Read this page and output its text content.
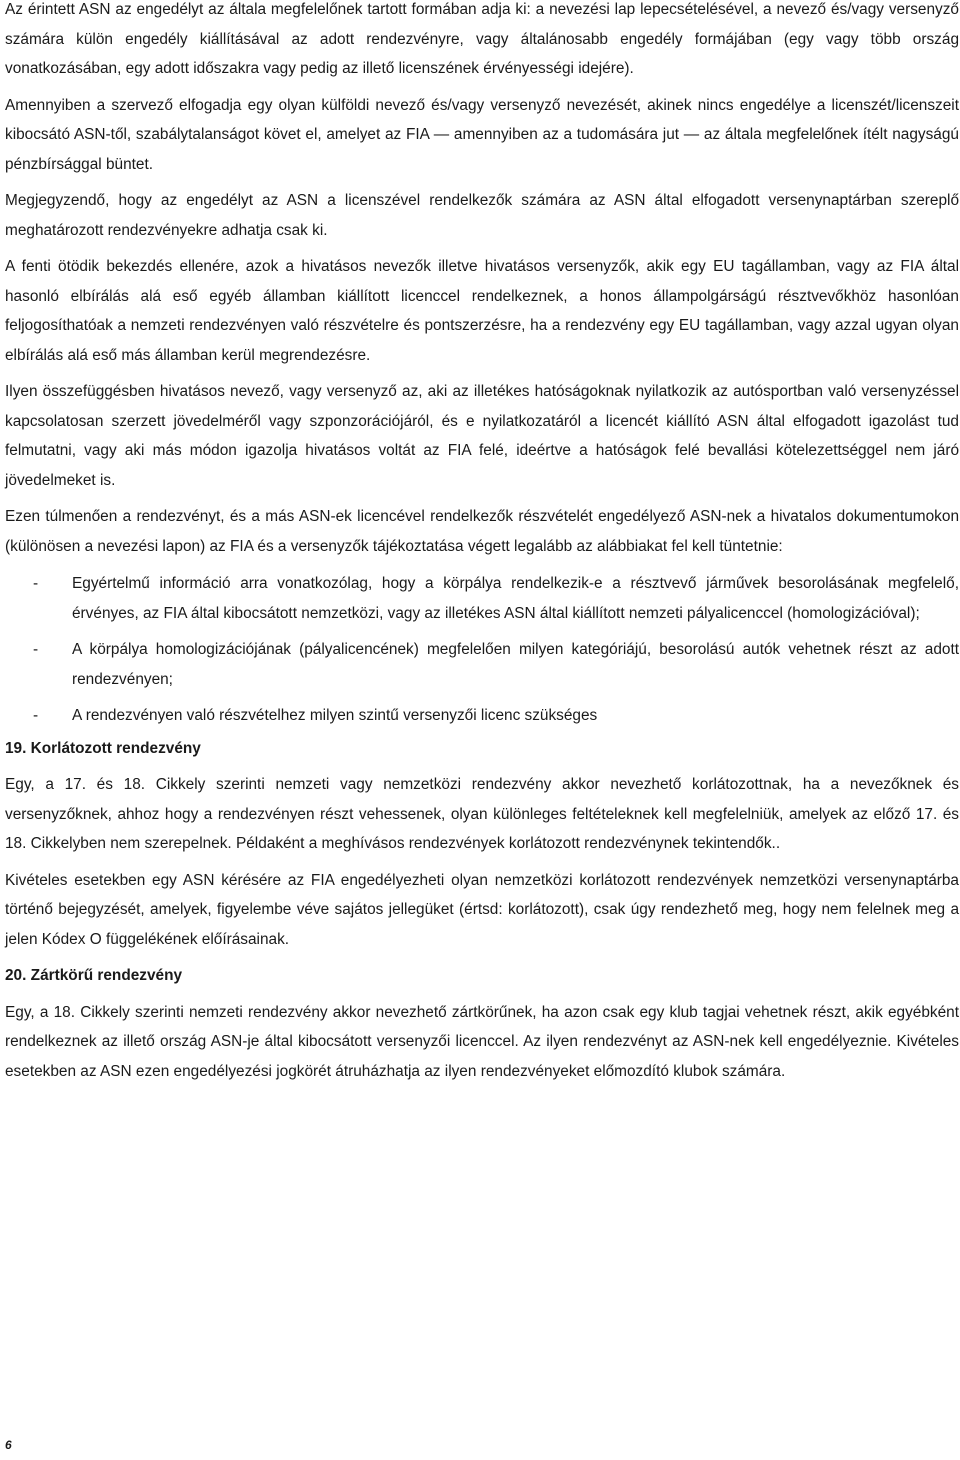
Az érintett ASN az engedélyt az általa megfelelőnek tartott formában adja ki: a nevezési lap lepecsételésével, a nevező és/vagy versenyző számára külön engedély kiállításával az adott rendezvényre, vagy általánosabb engedély formájában (egy vagy több ország vonatkozásában, egy adott időszakra vagy pedig az illető licenszének érvényességi idejére).

Amennyiben a szervező elfogadja egy olyan külföldi nevező és/vagy versenyző nevezését, akinek nincs engedélye a licenszét/licenszeit kibocsátó ASN-től, szabálytalanságot követ el, amelyet az FIA — amennyiben az a tudomására jut — az általa megfelelőnek ítélt nagyságú pénzbírsággal büntet.

Megjegyzendő, hogy az engedélyt az ASN a licenszével rendelkezők számára az ASN által elfogadott versenynaptárban szereplő meghatározott rendezvényekre adhatja csak ki.

A fenti ötödik bekezdés ellenére, azok a hivatásos nevezők illetve hivatásos versenyzők, akik egy EU tagállamban, vagy az FIA által hasonló elbírálás alá eső egyéb államban kiállított licenccel rendelkeznek, a honos állampolgárságú résztvevőkhöz hasonlóan feljogosíthatóak a nemzeti rendezvényen való részvételre és pontszerzésre, ha a rendezvény egy EU tagállamban, vagy azzal ugyan olyan elbírálás alá eső más államban kerül megrendezésre.

Ilyen összefüggésben hivatásos nevező, vagy versenyző az, aki az illetékes hatóságoknak nyilatkozik az autósportban való versenyzéssel kapcsolatosan szerzett jövedelméről vagy szponzorációjáról, és e nyilatkozatáról a licencét kiállító ASN által elfogadott igazolást tud felmutatni, vagy aki más módon igazolja hivatásos voltát az FIA felé, ideértve a hatóságok felé bevallási kötelezettséggel nem járó jövedelmeket is.

Ezen túlmenően a rendezvényt, és a más ASN-ek licencével rendelkezők részvételét engedélyező ASN-nek a hivatalos dokumentumokon (különösen a nevezési lapon) az FIA és a versenyzők tájékoztatása végett legalább az alábbiakat fel kell tüntetnie:

- Egyértelmű információ arra vonatkozólag, hogy a körpálya rendelkezik-e a résztvevő járművek besorolásának megfelelő, érvényes, az FIA által kibocsátott nemzetközi, vagy az illetékes ASN által kiállított nemzeti pályalicenccel (homologizációval);
- A körpálya homologizációjának (pályalicencének) megfelelően milyen kategóriájú, besorolású autók vehetnek részt az adott rendezvényen;
- A rendezvényen való részvételhez milyen szintű versenyzői licenc szükséges
19. Korlátozott rendezvény

Egy, a 17. és 18. Cikkely szerinti nemzeti vagy nemzetközi rendezvény akkor nevezhető korlátozottnak, ha a nevezőknek és versenyzőknek, ahhoz hogy a rendezvényen részt vehessenek, olyan különleges feltételeknek kell megfelelniük, amelyek az előző 17. és 18. Cikkelyben nem szerepelnek. Példaként a meghívásos rendezvények korlátozott rendezvénynek tekintendők..

Kivételes esetekben egy ASN kérésére az FIA engedélyezheti olyan nemzetközi korlátozott rendezvények nemzetközi versenynaptárba történő bejegyzését, amelyek, figyelembe véve sajátos jellegüket (értsd: korlátozott), csak úgy rendezhető meg, hogy nem felelnek meg a jelen Kódex O függelékének előírásainak.

20. Zártkörű rendezvény

Egy, a 18. Cikkely szerinti nemzeti rendezvény akkor nevezhető zártkörűnek, ha azon csak egy klub tagjai vehetnek részt, akik egyébként rendelkeznek az illető ország ASN-je által kibocsátott versenyzői licenccel. Az ilyen rendezvényt az ASN-nek kell engedélyeznie. Kivételes esetekben az ASN ezen engedélyezési jogkörét átruházhatja az ilyen rendezvényeket előmozdító klubok számára.

6
